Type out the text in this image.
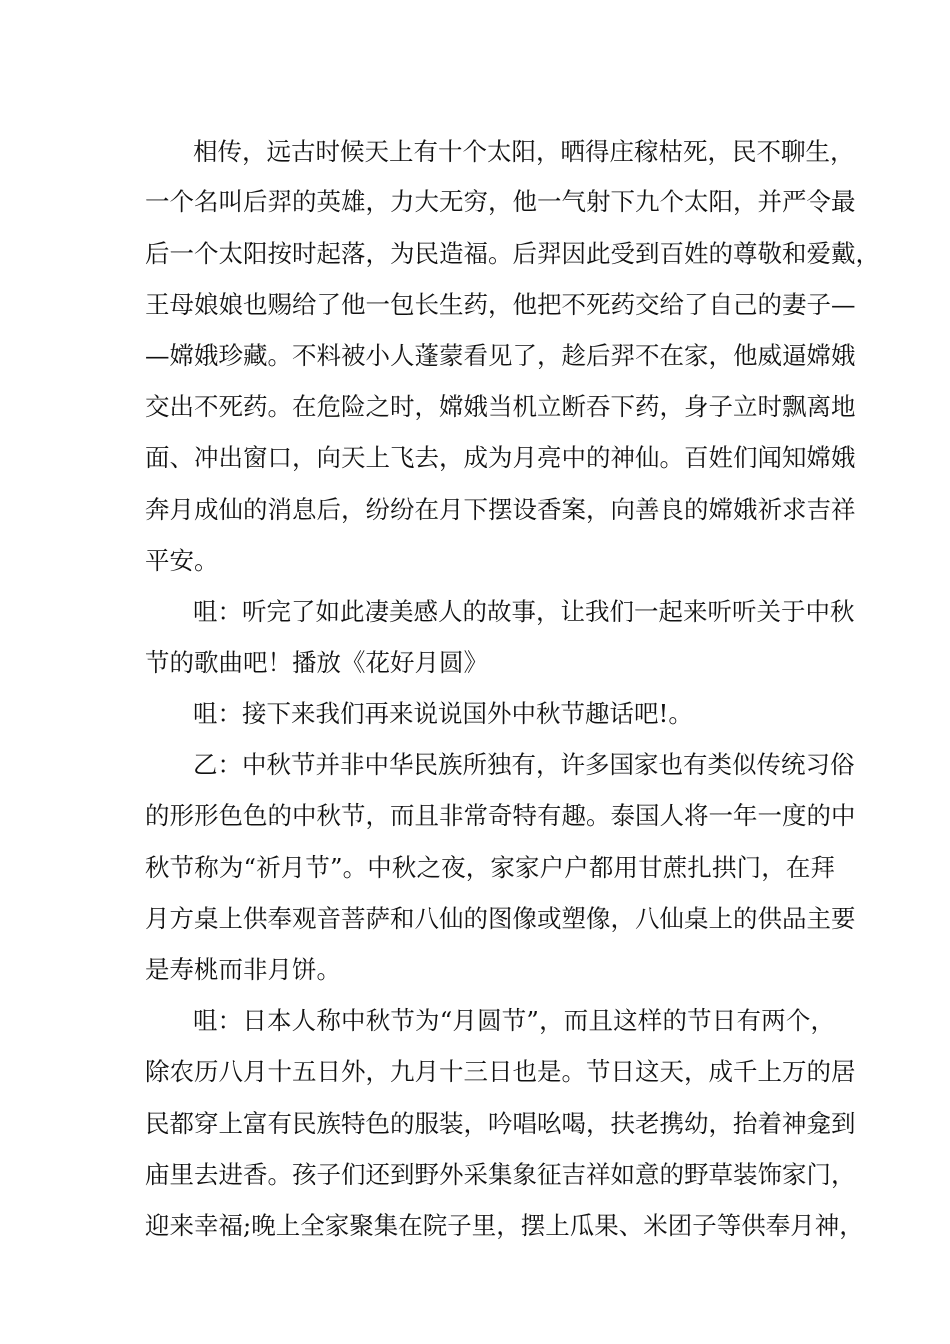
相传，远古时候天上有十个太阳，晒得庄稼枯死，民不聊生，
一个名叫后羿的英雄，力大无穷，他一气射下九个太阳，并严令最
后一个太阳按时起落，为民造福。后羿因此受到百姓的尊敬和爱戴，
王母娘娘也赐给了他一包长生药，他把不死药交给了自己的妻子—
—嫦娥珍藏。不料被小人蓬蒙看见了，趁后羿不在家，他威逼嫦娥
交出不死药。在危险之时，嫦娥当机立断吞下药，身子立时飘离地
面、冲出窗口，向天上飞去，成为月亮中的神仙。百姓们闻知嫦娥
奔月成仙的消息后，纷纷在月下摆设香案，向善良的嫦娥祈求吉祥
平安。
咀：听完了如此凄美感人的故事，让我们一起来听听关于中秋
节的歌曲吧！播放《花好月圆》
咀：接下来我们再来说说国外中秋节趣话吧!。
乙：中秋节并非中华民族所独有，许多国家也有类似传统习俗
的形形色色的中秋节，而且非常奇特有趣。泰国人将一年一度的中
秋节称为“祈月节”。中秋之夜，家家户户都用甘蔗扎拱门，在拜
月方桌上供奉观音菩萨和八仙的图像或塑像，八仙桌上的供品主要
是寿桃而非月饼。
咀：日本人称中秋节为“月圆节”，而且这样的节日有两个，
除农历八月十五日外，九月十三日也是。节日这天，成千上万的居
民都穿上富有民族特色的服装，吟唱吆喝，扶老携幼，抬着神龛到
庙里去进香。孩子们还到野外采集象征吉祥如意的野草装饰家门，
迎来幸福;晚上全家聚集在院子里，摆上瓜果、米团子等供奉月神，
